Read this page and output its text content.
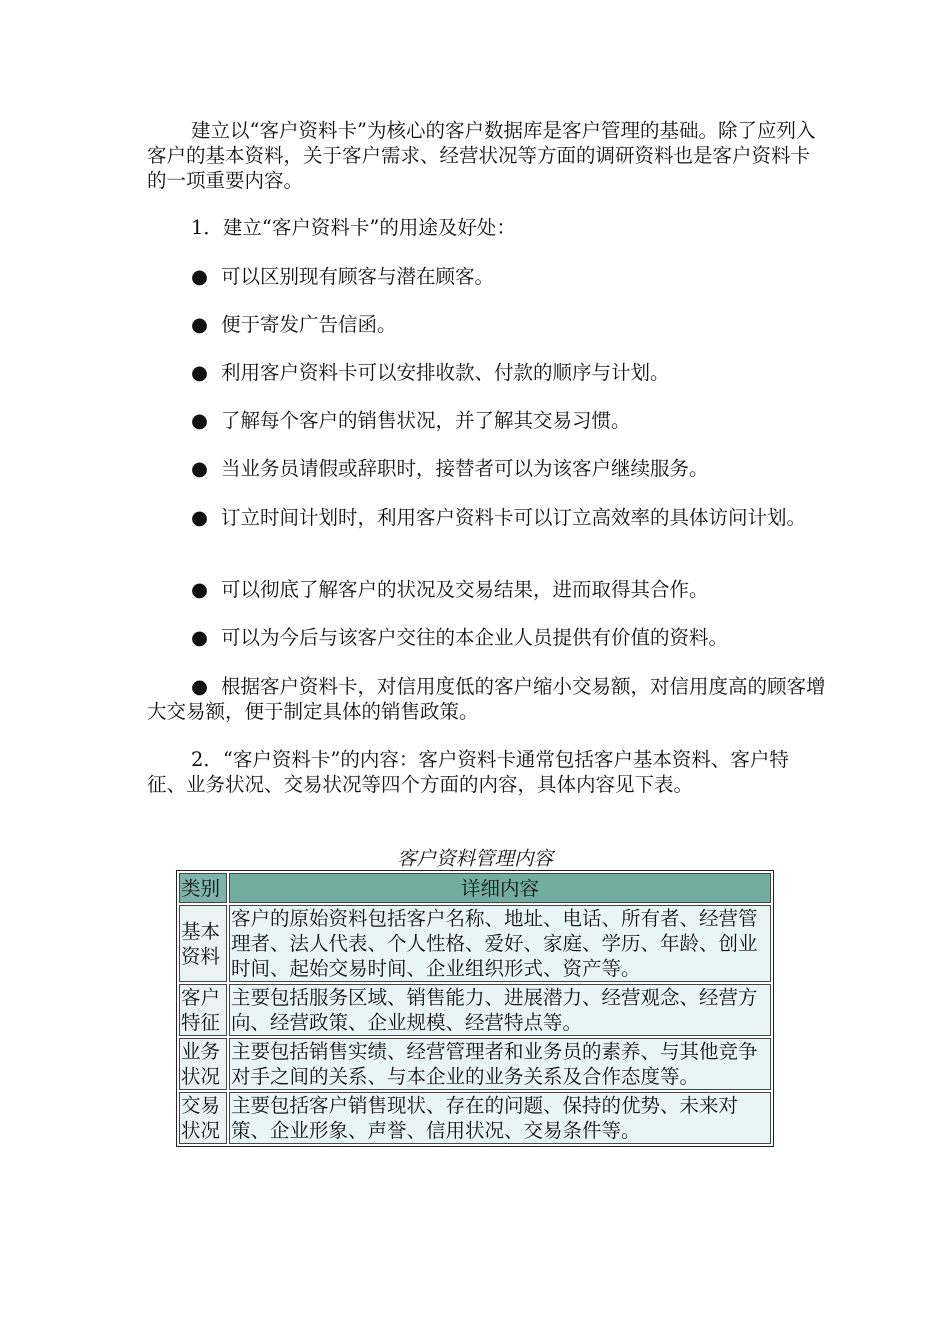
建立以“客户资料卡”为核心的客户数据库是客户管理的基础。除了应列入客户的基本资料，关于客户需求、经营状况等方面的调研资料也是客户资料卡的一项重要内容。

1．建立“客户资料卡”的用途及好处：

● 可以区别现有顾客与潜在顾客。

● 便于寄发广告信函。

● 利用客户资料卡可以安排收款、付款的顺序与计划。

● 了解每个客户的销售状况，并了解其交易习惯。

● 当业务员请假或辞职时，接替者可以为该客户继续服务。

● 订立时间计划时，利用客户资料卡可以订立高效率的具体访问计划。

● 可以彻底了解客户的状况及交易结果，进而取得其合作。

● 可以为今后与该客户交往的本企业人员提供有价值的资料。

● 根据客户资料卡，对信用度低的客户缩小交易额，对信用度高的顾客增大交易额，便于制定具体的销售政策。

2．“客户资料卡”的内容：客户资料卡通常包括客户基本资料、客户特征、业务状况、交易状况等四个方面的内容，具体内容见下表。

客户资料管理内容
类别	详细内容
基本资料	客户的原始资料包括客户名称、地址、电话、所有者、经营管理者、法人代表、个人性格、爱好、家庭、学历、年龄、创业时间、起始交易时间、企业组织形式、资产等。
客户特征	主要包括服务区域、销售能力、进展潜力、经营观念、经营方向、经营政策、企业规模、经营特点等。
业务状况	主要包括销售实绩、经营管理者和业务员的素养、与其他竞争对手之间的关系、与本企业的业务关系及合作态度等。
交易状况	主要包括客户销售现状、存在的问题、保持的优势、未来对策、企业形象、声誉、信用状况、交易条件等。
